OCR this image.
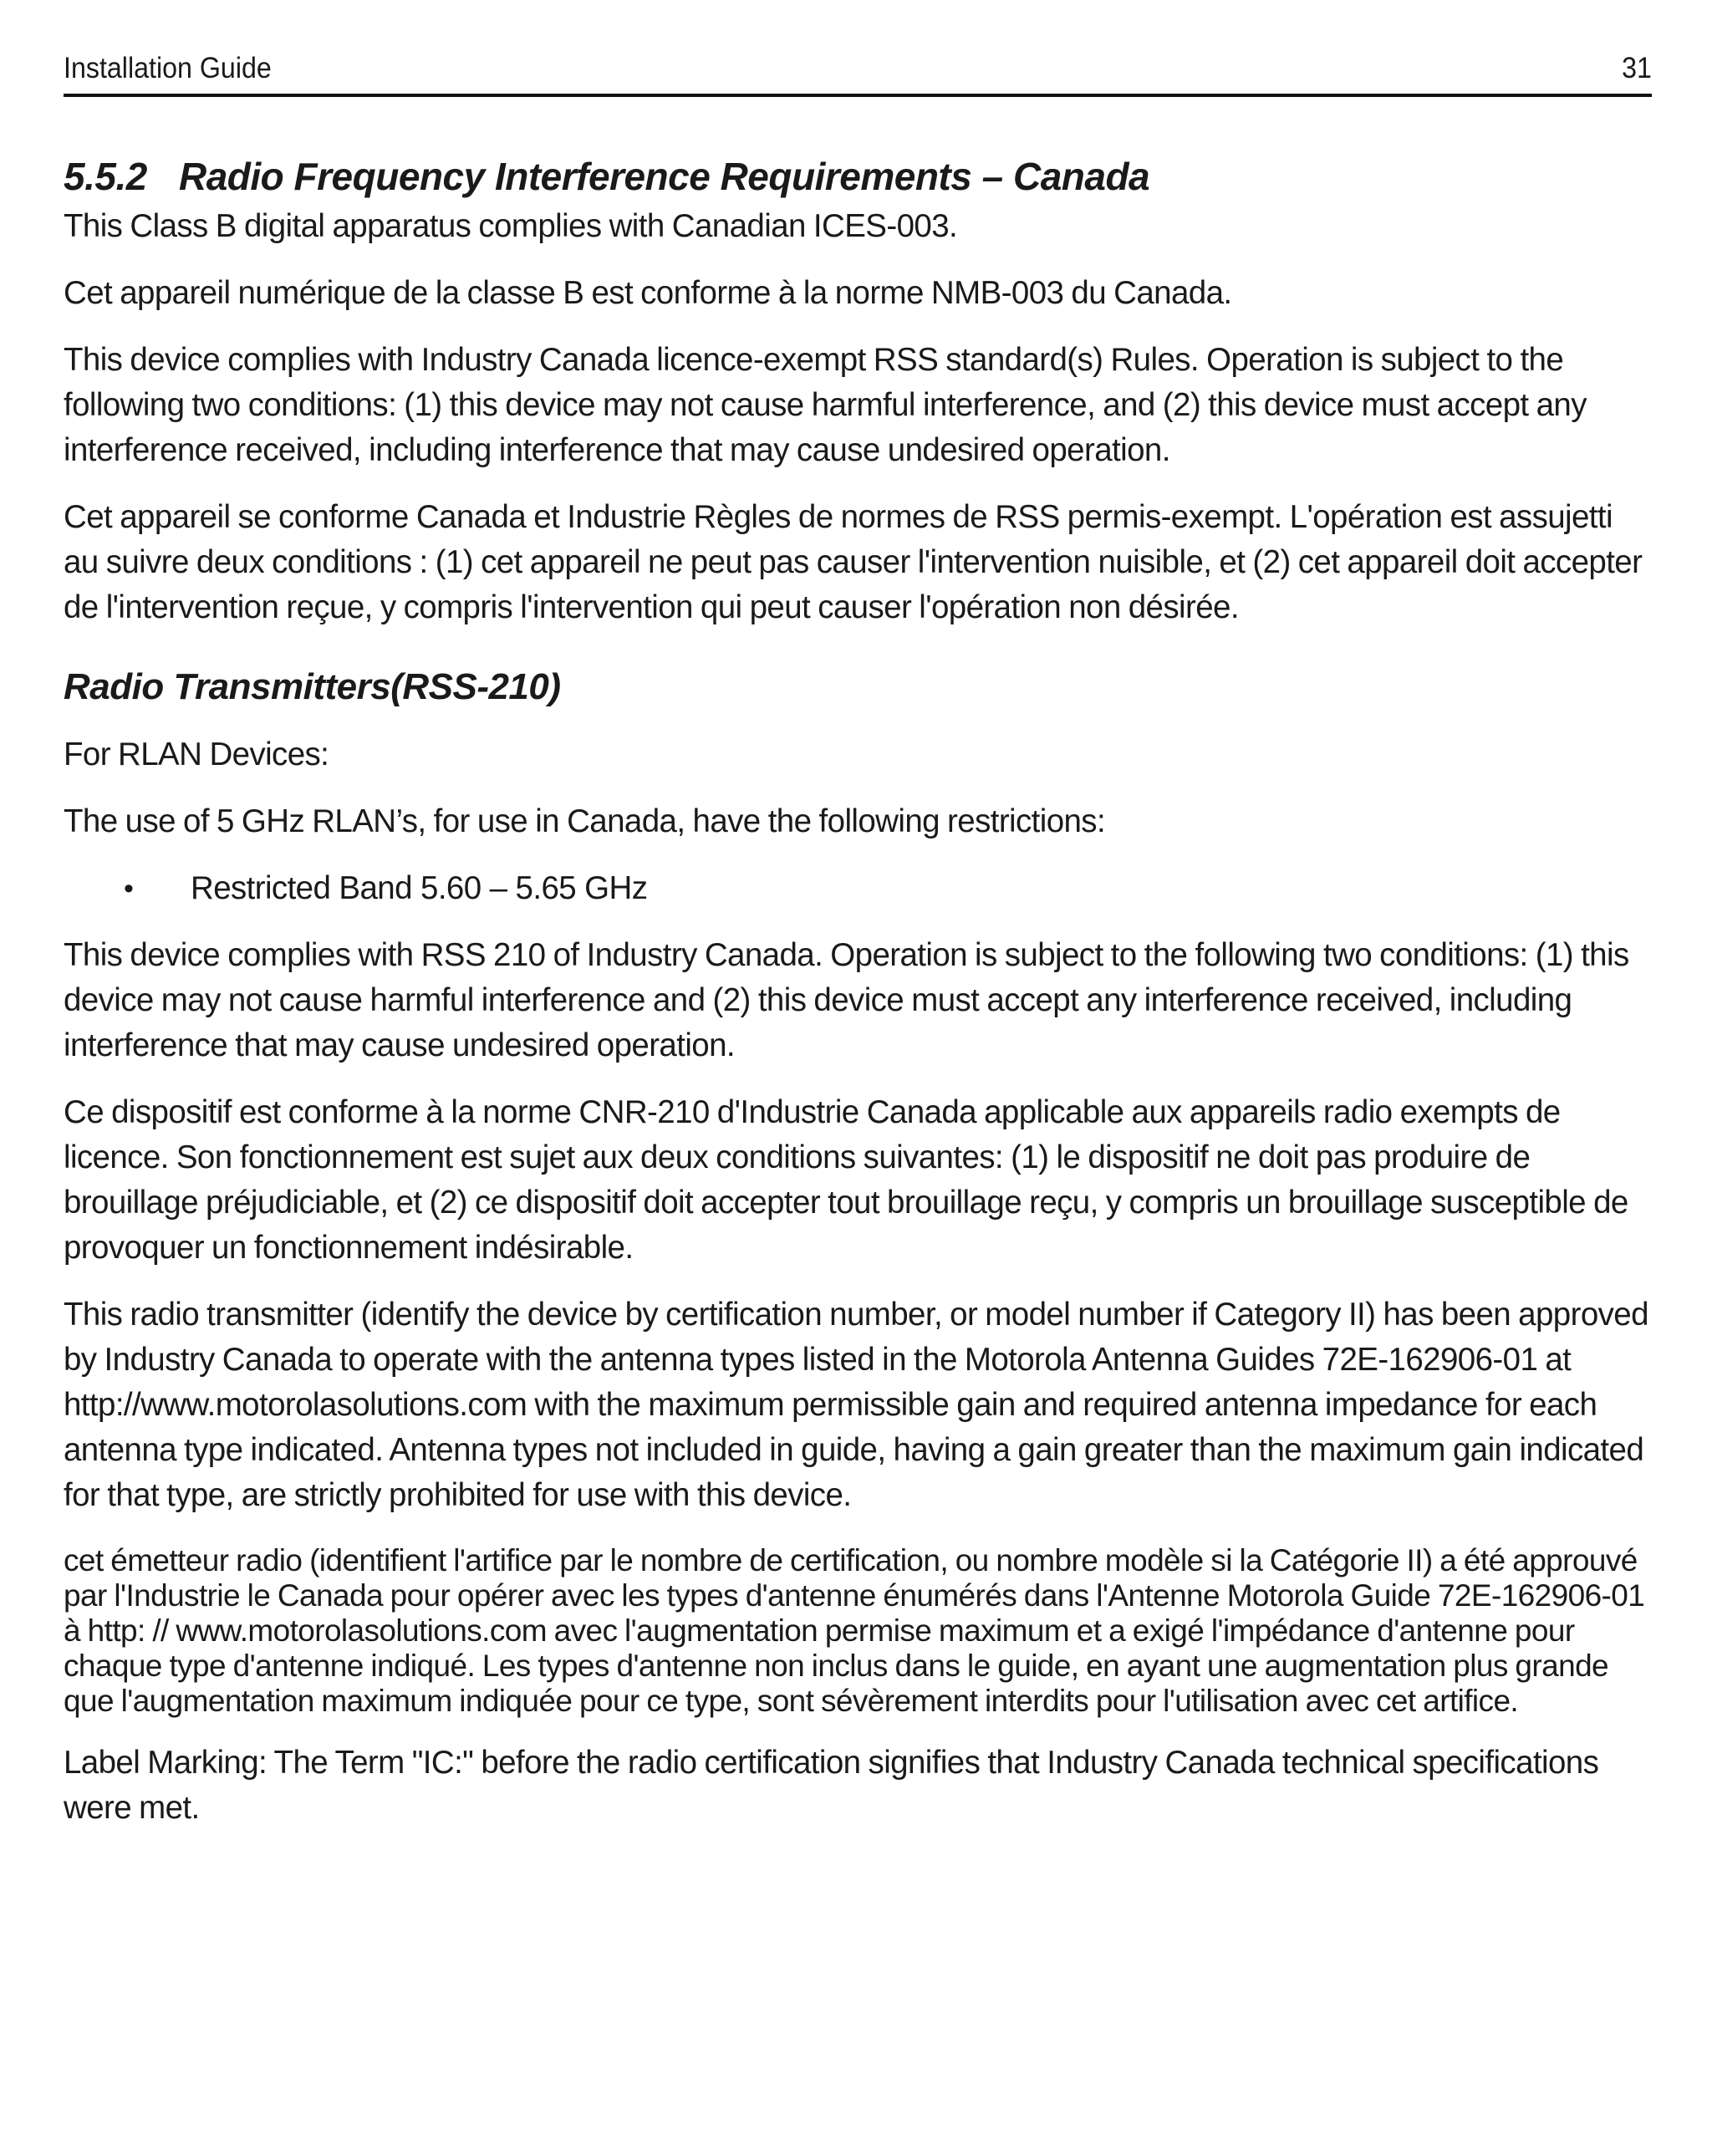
Installation Guide	31
5.5.2 Radio Frequency Interference Requirements – Canada

This Class B digital apparatus complies with Canadian ICES-003.

Cet appareil numérique de la classe B est conforme à la norme NMB-003 du Canada.

This device complies with Industry Canada licence-exempt RSS standard(s) Rules. Operation is subject to the following two conditions: (1) this device may not cause harmful interference, and (2) this device must accept any interference received, including interference that may cause undesired operation.

Cet appareil se conforme Canada et Industrie Règles de normes de RSS permis-exempt. L'opération est assujetti au suivre deux conditions : (1) cet appareil ne peut pas causer l'intervention nuisible, et (2) cet appareil doit accepter de l'intervention reçue, y compris l'intervention qui peut causer l'opération non désirée.

Radio Transmitters(RSS-210)

For RLAN Devices:

The use of 5 GHz RLAN’s, for use in Canada, have the following restrictions:

• Restricted Band 5.60 – 5.65 GHz

This device complies with RSS 210 of Industry Canada. Operation is subject to the following two conditions: (1) this device may not cause harmful interference and (2) this device must accept any interference received, including interference that may cause undesired operation.

Ce dispositif est conforme à la norme CNR-210 d'Industrie Canada applicable aux appareils radio exempts de licence. Son fonctionnement est sujet aux deux conditions suivantes: (1) le dispositif ne doit pas produire de brouillage préjudiciable, et (2) ce dispositif doit accepter tout brouillage reçu, y compris un brouillage susceptible de provoquer un fonctionnement indésirable.

This radio transmitter (identify the device by certification number, or model number if Category II) has been approved by Industry Canada to operate with the antenna types listed in the Motorola Antenna Guides 72E-162906-01 at http://www.motorolasolutions.com with the maximum permissible gain and required antenna impedance for each antenna type indicated. Antenna types not included in guide, having a gain greater than the maximum gain indicated for that type, are strictly prohibited for use with this device.

cet émetteur radio (identifient l'artifice par le nombre de certification, ou nombre modèle si la Catégorie II) a été approuvé par l'Industrie le Canada pour opérer avec les types d'antenne énumérés dans l'Antenne Motorola Guide 72E-162906-01 à http: // www.motorolasolutions.com avec l'augmentation permise maximum et a exigé l'impédance d'antenne pour chaque type d'antenne indiqué. Les types d'antenne non inclus dans le guide, en ayant une augmentation plus grande que l'augmentation maximum indiquée pour ce type, sont sévèrement interdits pour l'utilisation avec cet artifice.

Label Marking: The Term "IC:" before the radio certification signifies that Industry Canada technical specifications were met.
